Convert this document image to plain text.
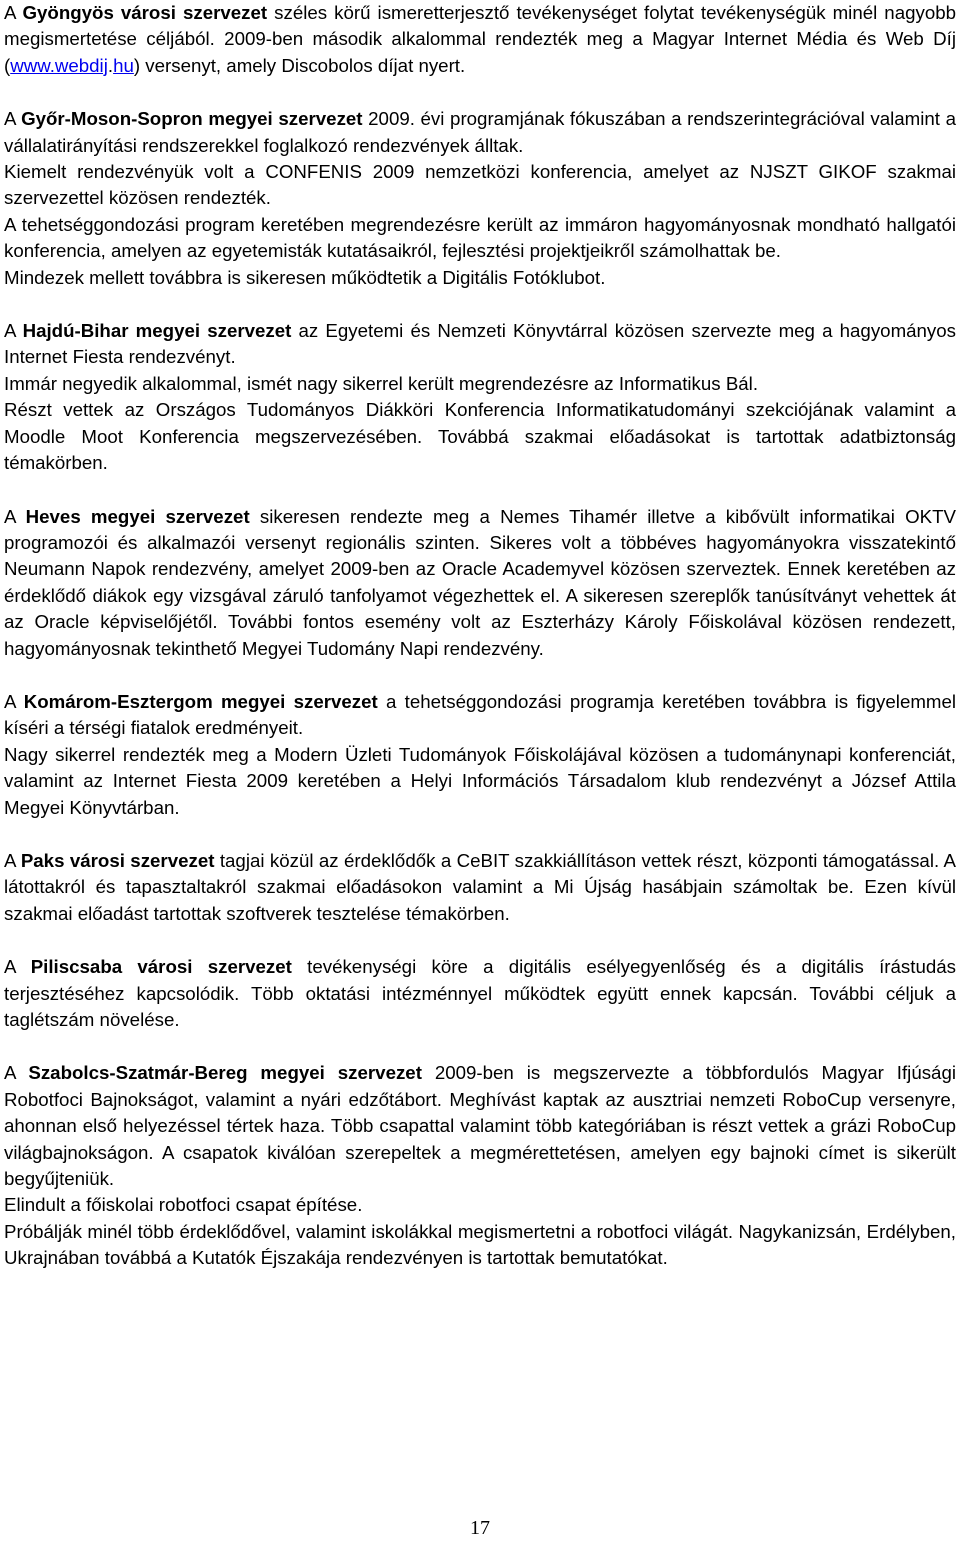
A Gyöngyös városi szervezet széles körű ismeretterjesztő tevékenységet folytat tevékenységük minél nagyobb megismertetése céljából. 2009-ben második alkalommal rendezték meg a Magyar Internet Média és Web Díj (www.webdij.hu) versenyt, amely Discobolos díjat nyert.

A Győr-Moson-Sopron megyei szervezet 2009. évi programjának fókuszában a rendszerintegrációval valamint a vállalatirányítási rendszerekkel foglalkozó rendezvények álltak.

Kiemelt rendezvényük volt a CONFENIS 2009 nemzetközi konferencia, amelyet az NJSZT GIKOF szakmai szervezettel közösen rendezték.

A tehetséggondozási program keretében megrendezésre került az immáron hagyományosnak mondható hallgatói konferencia, amelyen az egyetemisták kutatásaikról, fejlesztési projektjeikről számolhattak be.

Mindezek mellett továbbra is sikeresen működtetik a Digitális Fotóklubot.

A Hajdú-Bihar megyei szervezet az Egyetemi és Nemzeti Könyvtárral közösen szervezte meg a hagyományos Internet Fiesta rendezvényt.

Immár negyedik alkalommal, ismét nagy sikerrel került megrendezésre az Informatikus Bál.

Részt vettek az Országos Tudományos Diákköri Konferencia Informatikatudományi szekciójának valamint a Moodle Moot Konferencia megszervezésében. Továbbá szakmai előadásokat is tartottak adatbiztonság témakörben.

A Heves megyei szervezet sikeresen rendezte meg a Nemes Tihamér illetve a kibővült informatikai OKTV programozói és alkalmazói versenyt regionális szinten. Sikeres volt a többéves hagyományokra visszatekintő Neumann Napok rendezvény, amelyet 2009-ben az Oracle Academyvel közösen szerveztek. Ennek keretében az érdeklődő diákok egy vizsgával záruló tanfolyamot végezhettek el. A sikeresen szereplők tanúsítványt vehettek át az Oracle képviselőjétől. További fontos esemény volt az Eszterházy Károly Főiskolával közösen rendezett, hagyományosnak tekinthető Megyei Tudomány Napi rendezvény.

A Komárom-Esztergom megyei szervezet a tehetséggondozási programja keretében továbbra is figyelemmel kíséri a térségi fiatalok eredményeit.

Nagy sikerrel rendezték meg a Modern Üzleti Tudományok Főiskolájával közösen a tudománynapi konferenciát, valamint az Internet Fiesta 2009 keretében a Helyi Információs Társadalom klub rendezvényt a József Attila Megyei Könyvtárban.

A Paks városi szervezet tagjai közül az érdeklődők a CeBIT szakkiállításon vettek részt, központi támogatással. A látottakról és tapasztaltakról szakmai előadásokon valamint a Mi Újság hasábjain számoltak be. Ezen kívül szakmai előadást tartottak szoftverek tesztelése témakörben.

A Piliscsaba városi szervezet tevékenységi köre a digitális esélyegyenlőség és a digitális írástudás terjesztéséhez kapcsolódik. Több oktatási intézménnyel működtek együtt ennek kapcsán. További céljuk a taglétszám növelése.

A Szabolcs-Szatmár-Bereg megyei szervezet 2009-ben is megszervezte a többfordulós Magyar Ifjúsági Robotfoci Bajnokságot, valamint a nyári edzőtábort. Meghívást kaptak az ausztriai nemzeti RoboCup versenyre, ahonnan első helyezéssel tértek haza. Több csapattal valamint több kategóriában is részt vettek a grázi RoboCup világbajnokságon. A csapatok kiválóan szerepeltek a megmérettetésen, amelyen egy bajnoki címet is sikerült begyűjteniük.

Elindult a főiskolai robotfoci csapat építése.

Próbálják minél több érdeklődővel, valamint iskolákkal megismertetni a robotfoci világát. Nagykanizsán, Erdélyben, Ukrajnában továbbá a Kutatók Éjszakája rendezvényen is tartottak bemutatókat.

17
